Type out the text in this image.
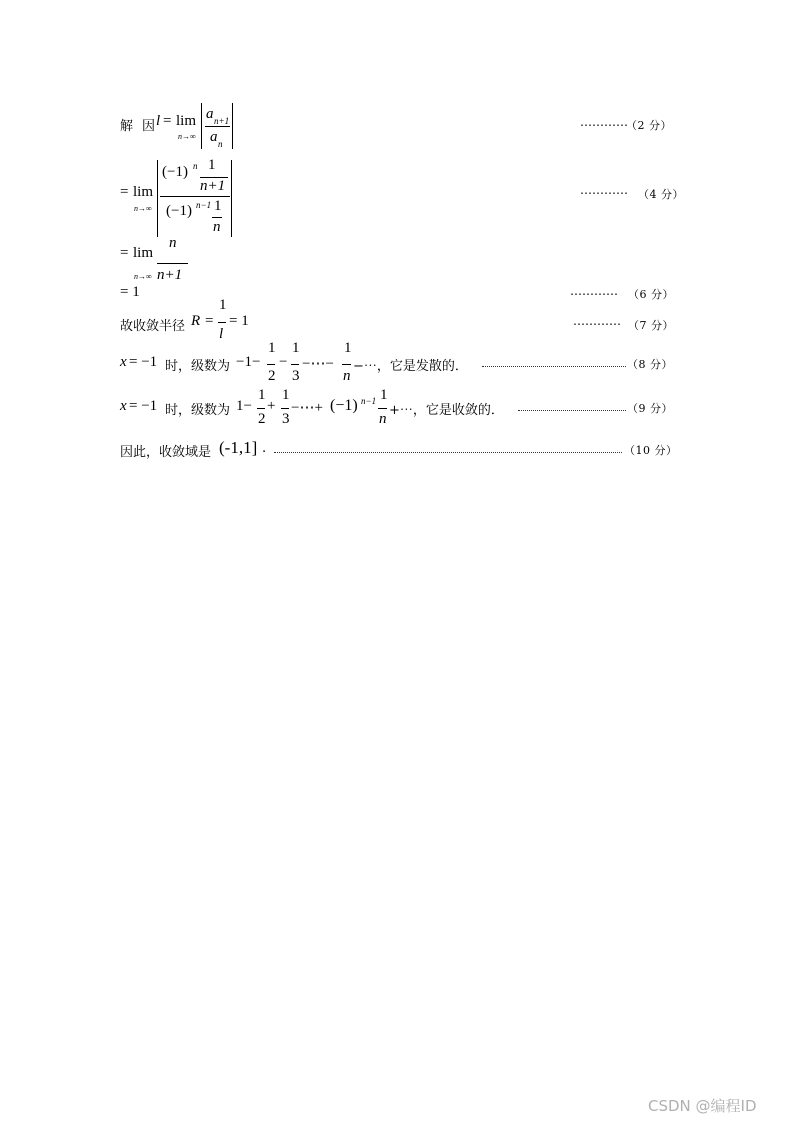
解 因 l = lim
n→∞
a n+1
a n
…………
（2 分）
= lim
n→∞
(−1) n 1
n+1
(−1) n−1 1
n
………… （4 分）
= lim
n→∞
n
n+1
= 1	………… （6 分）
故收敛半径 R =
1
l
= 1	………… （7 分）
x = −1 时，级数为 −1−
1
2
−
1
3
−⋯−
1
n
−⋯，它是发散的．	（8 分）
x = −1 时，级数为 1−
1
2
+
1
3
−⋯+ (−1) n−1 1
n
+⋯，它是收敛的．	（9 分）
因此，收敛域是 (-1,1] .	（10 分）
CSDN @编程ID
